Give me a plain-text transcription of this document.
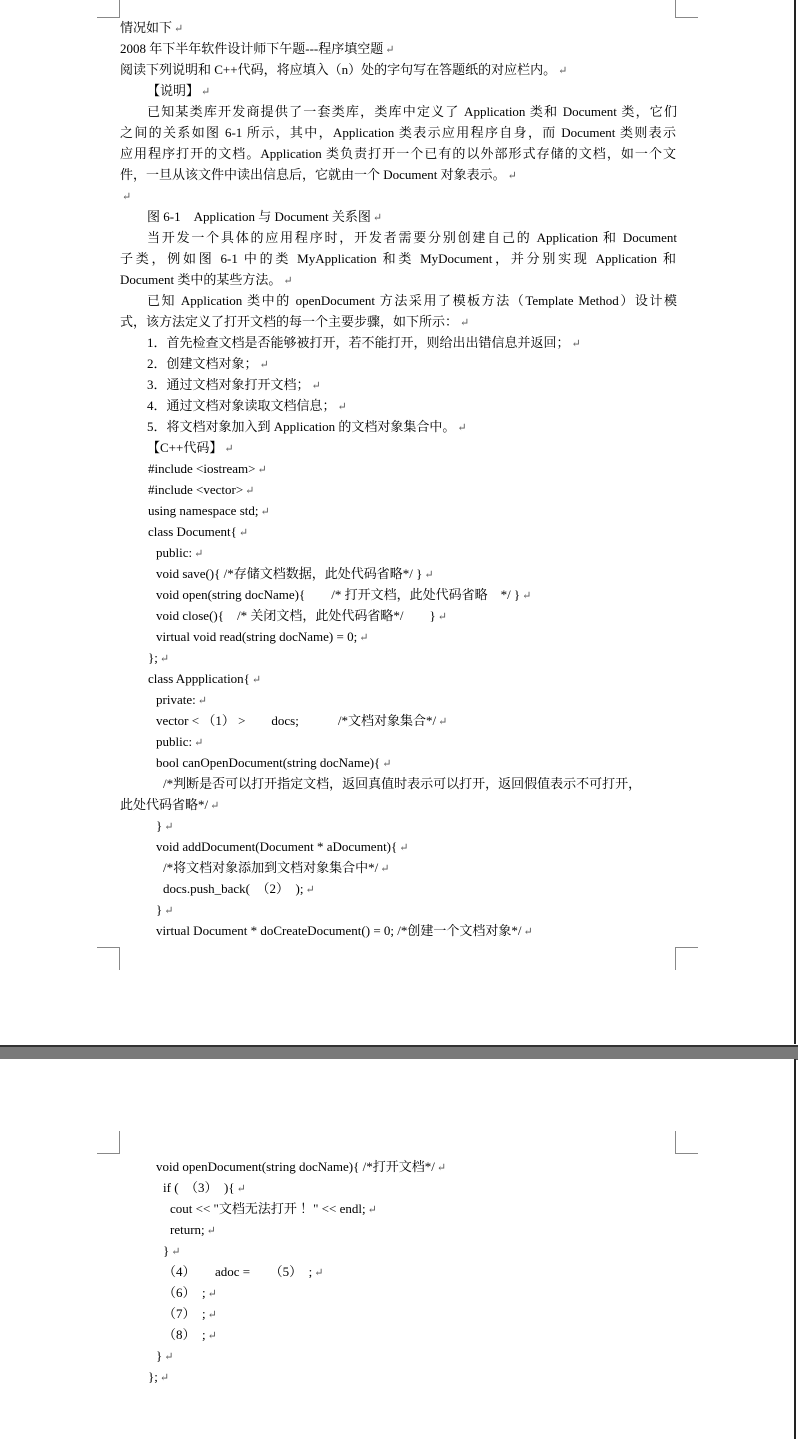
情况如下 ↵
2008 年下半年软件设计师下午题---程序填空题 ↵
阅读下列说明和 C++代码，将应填入（n）处的字句写在答题纸的对应栏内。 ↵
【说明】 ↵
已知某类库开发商提供了一套类库，类库中定义了 Application 类和 Document 类，它们
之间的关系如图 6-1 所示，其中，Application 类表示应用程序自身，而 Document 类则表示
应用程序打开的文档。Application 类负责打开一个已有的以外部形式存储的文档，如一个文
件，一旦从该文件中读出信息后，它就由一个 Document 对象表示。 ↵
↵
图 6-1　Application 与 Document 关系图 ↵
当开发一个具体的应用程序时，开发者需要分别创建自己的 Application 和 Document
子类，例如图 6-1 中的类 MyApplication 和类 MyDocument，并分别实现 Application 和
Document 类中的某些方法。 ↵
已知 Application 类中的 openDocument 方法采用了模板方法（Template Method）设计模
式，该方法定义了打开文档的每一个主要步骤，如下所示： ↵
1．首先检查文档是否能够被打开，若不能打开，则给出出错信息并返回； ↵
2．创建文档对象； ↵
3．通过文档对象打开文档； ↵
4．通过文档对象读取文档信息； ↵
5．将文档对象加入到 Application 的文档对象集合中。 ↵
【C++代码】 ↵
#include <iostream> ↵
#include <vector> ↵
using namespace std; ↵
class Document{ ↵
public: ↵
void save(){ /*存储文档数据，此处代码省略*/ } ↵
void open(string docName){　　/* 打开文档，此处代码省略　*/ } ↵
void close(){　/* 关闭文档，此处代码省略*/　　} ↵
virtual void read(string docName) = 0; ↵
}; ↵
class Appplication{ ↵
private: ↵
vector < （1） >　　docs;　　　/*文档对象集合*/ ↵
public: ↵
bool canOpenDocument(string docName){ ↵
/*判断是否可以打开指定文档，返回真值时表示可以打开，返回假值表示不可打开，
此处代码省略*/ ↵
} ↵
void addDocument(Document * aDocument){ ↵
/*将文档对象添加到文档对象集合中*/ ↵
docs.push_back(　（2）　); ↵
} ↵
virtual Document * doCreateDocument() = 0; /*创建一个文档对象*/ ↵
void openDocument(string docName){ /*打开文档*/ ↵
if (　（3）　){ ↵
cout << "文档无法打开 ！" << endl; ↵
return; ↵
} ↵
（4）　　adoc =　　（5）　; ↵
（6）　; ↵
（7）　; ↵
（8）　; ↵
} ↵
}; ↵
